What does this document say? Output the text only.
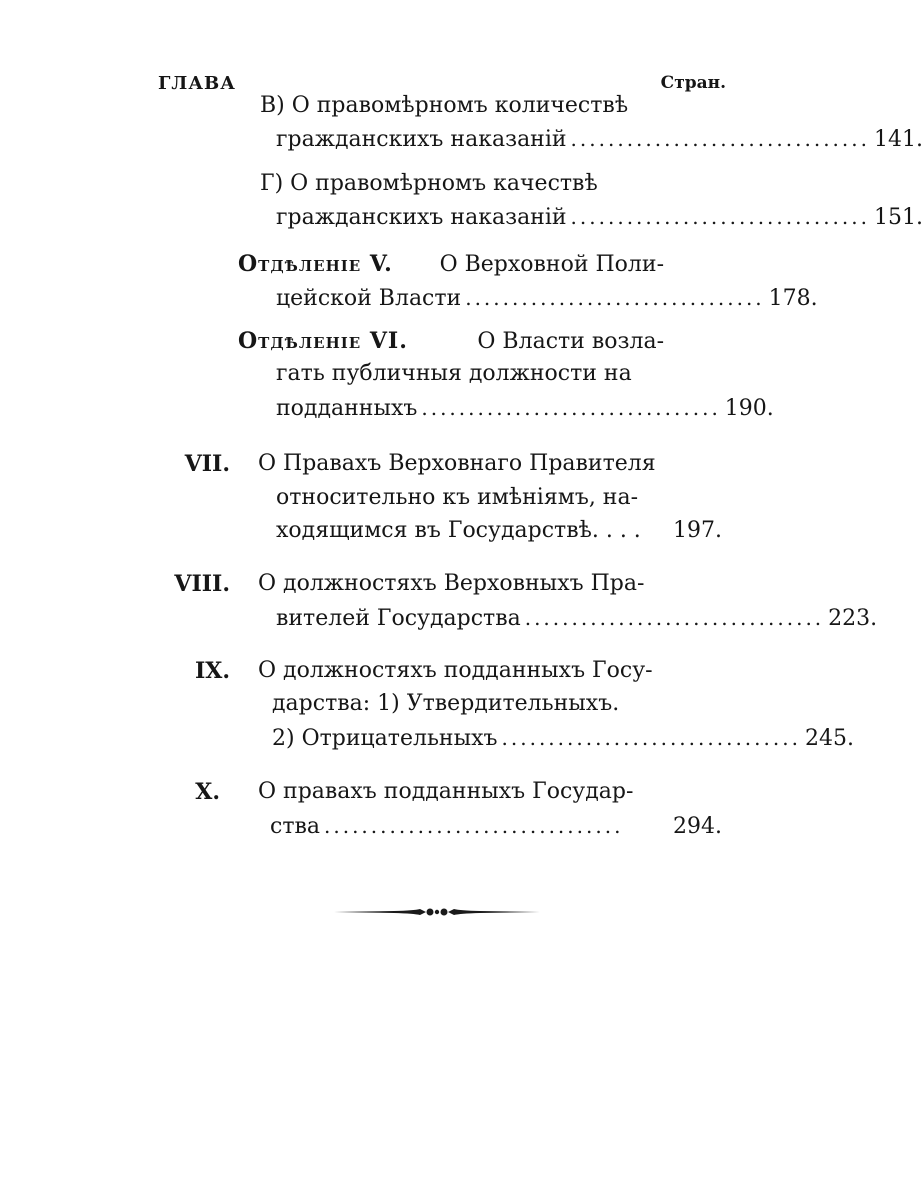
ГЛАВА	Стран.
В) О правомѣрномъ количествѣ
гражданскихъ наказаній ................................ 141.
Г) О правомѣрномъ качествѣ
гражданскихъ наказаній ................................ 151.
Отдѣленіе V. О Верховной Поли-
цейской Власти ................................ 178.
Отдѣленіе VI.	О Власти возла-
гать публичныя должности на
подданныхъ ................................ 190.
VII. О Правахъ Верховнаго Правителя
относительно къ имѣніямъ, на-
ходящимся въ Государствѣ. . . . 197.
VIII. О должностяхъ Верховныхъ Пра-
вителей Государства ................................ 223.
IX. О должностяхъ подданныхъ Госу-
дарства: 1) Утвердительныхъ.
2) Отрицательныхъ ................................ 245.
X. О правахъ подданныхъ Государ-
ства ................................	294.
